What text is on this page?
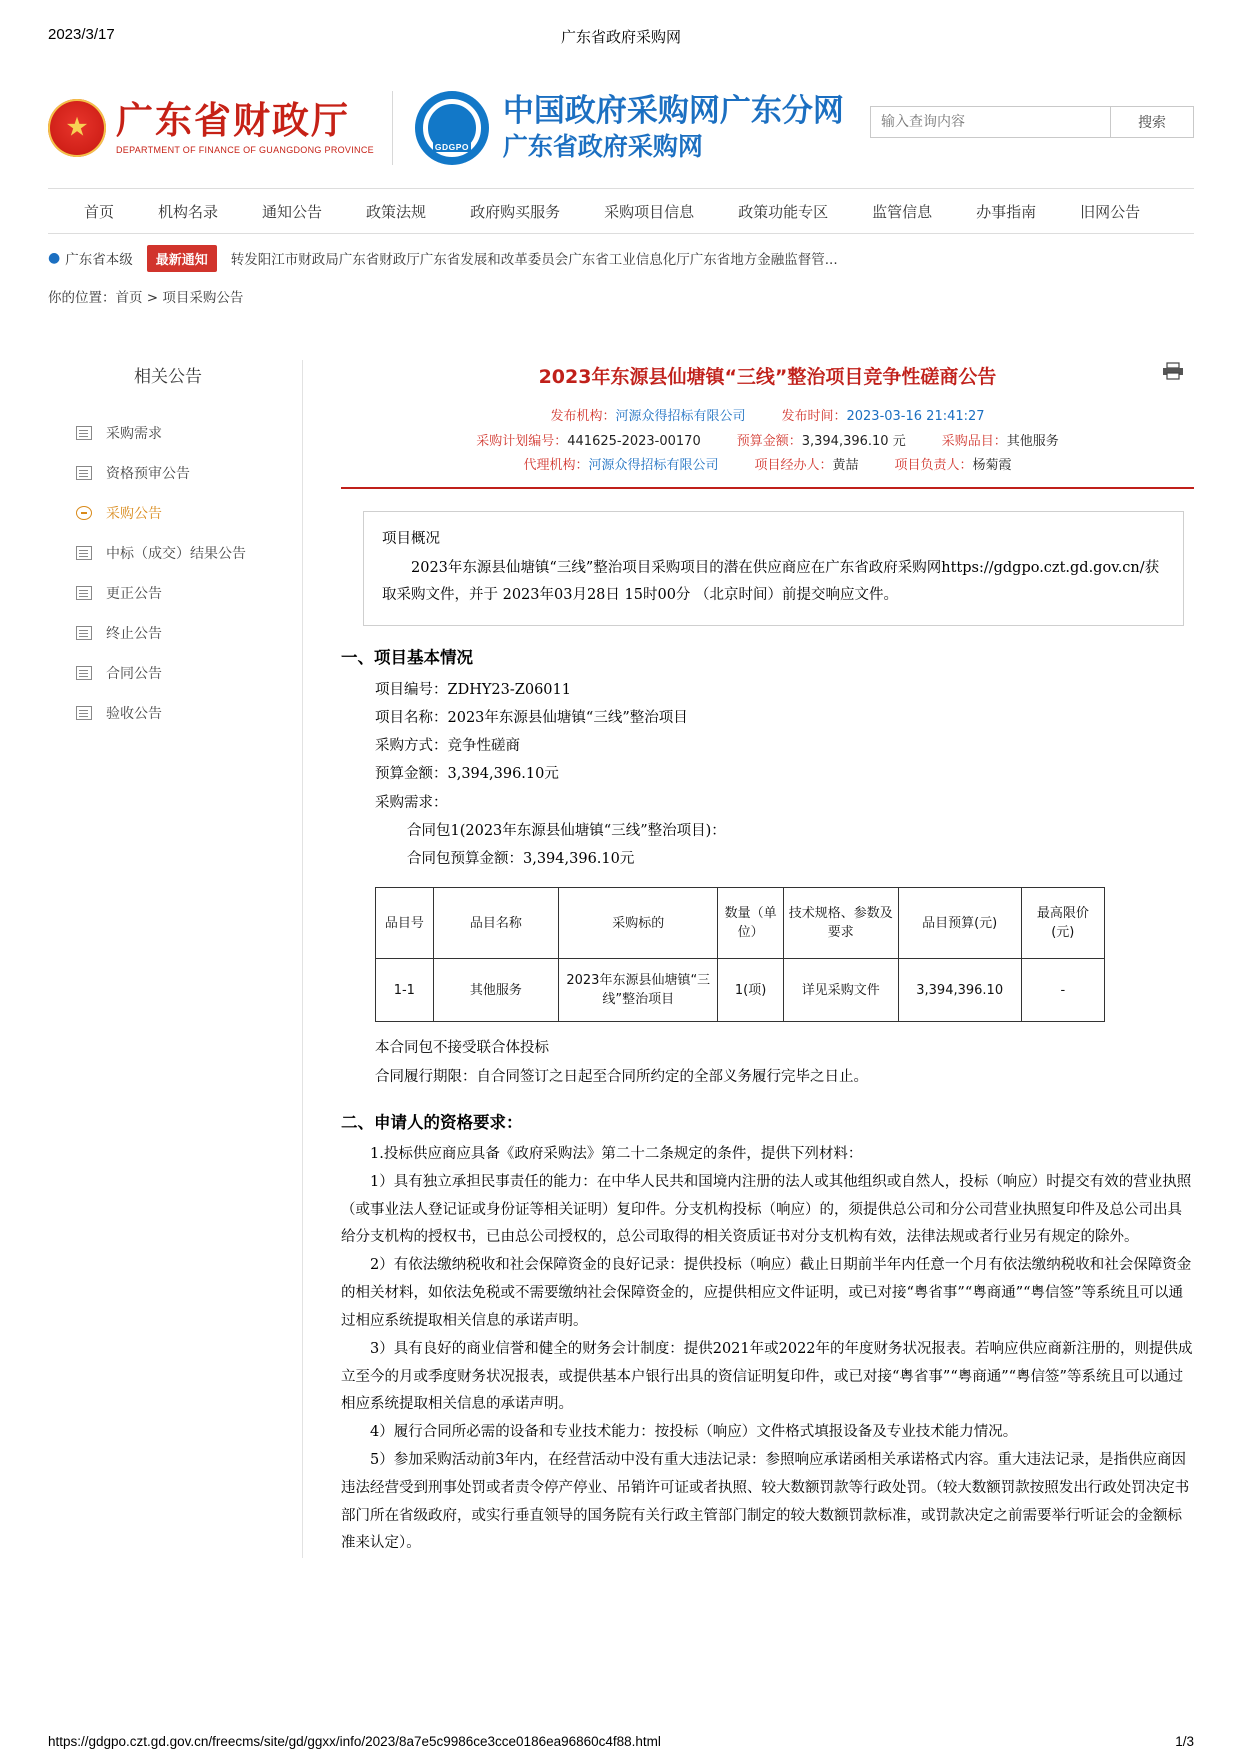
2023/3/17	广东省政府采购网
★
广东省财政厅
DEPARTMENT OF FINANCE OF GUANGDONG PROVINCE	GDGPO
中国政府采购网广东分网
广东省政府采购网
输入查询内容
搜索
首页	机构名录	通知公告	政策法规	政府购买服务	采购项目信息	政策功能专区	监管信息	办事指南	旧网公告
● 广东省本级	最新通知	转发阳江市财政局广东省财政厅广东省发展和改革委员会广东省工业信息化厅广东省地方金融监督管...
你的位置：首页 > 项目采购公告
相关公告
采购需求
资格预审公告
采购公告
中标（成交）结果公告
更正公告
终止公告
合同公告
验收公告
2023年东源县仙塘镇“三线”整治项目竞争性磋商公告
发布机构：河源众得招标有限公司	发布时间：2023-03-16 21:41:27
采购计划编号：441625-2023-00170	预算金额：3,394,396.10 元	采购品目：其他服务
代理机构：河源众得招标有限公司	项目经办人：黄喆	项目负责人：杨菊霞
项目概况
2023年东源县仙塘镇“三线”整治项目采购项目的潜在供应商应在广东省政府采购网https://gdgpo.czt.gd.gov.cn/获取采购文件，并于 2023年03月28日 15时00分 （北京时间）前提交响应文件。
一、项目基本情况
项目编号：ZDHY23-Z06011
项目名称：2023年东源县仙塘镇“三线”整治项目
采购方式：竞争性磋商
预算金额：3,394,396.10元
采购需求：
合同包1(2023年东源县仙塘镇“三线”整治项目)：
合同包预算金额：3,394,396.10元
品目号	品目名称	采购标的	数量（单位）	技术规格、参数及要求	品目预算(元)	最高限价(元)
1-1	其他服务	2023年东源县仙塘镇“三线”整治项目	1(项)	详见采购文件	3,394,396.10	-
本合同包不接受联合体投标
合同履行期限：自合同签订之日起至合同所约定的全部义务履行完毕之日止。
二、申请人的资格要求：

1.投标供应商应具备《政府采购法》第二十二条规定的条件，提供下列材料：

1）具有独立承担民事责任的能力：在中华人民共和国境内注册的法人或其他组织或自然人，投标（响应）时提交有效的营业执照（或事业法人登记证或身份证等相关证明）复印件。分支机构投标（响应）的，须提供总公司和分公司营业执照复印件及总公司出具给分支机构的授权书，已由总公司授权的，总公司取得的相关资质证书对分支机构有效，法律法规或者行业另有规定的除外。

2）有依法缴纳税收和社会保障资金的良好记录：提供投标（响应）截止日期前半年内任意一个月有依法缴纳税收和社会保障资金的相关材料，如依法免税或不需要缴纳社会保障资金的，应提供相应文件证明，或已对接“粤省事”“粤商通”“粤信签”等系统且可以通过相应系统提取相关信息的承诺声明。

3）具有良好的商业信誉和健全的财务会计制度：提供2021年或2022年的年度财务状况报表。若响应供应商新注册的，则提供成立至今的月或季度财务状况报表，或提供基本户银行出具的资信证明复印件，或已对接“粤省事”“粤商通”“粤信签”等系统且可以通过相应系统提取相关信息的承诺声明。

4）履行合同所必需的设备和专业技术能力：按投标（响应）文件格式填报设备及专业技术能力情况。

5）参加采购活动前3年内，在经营活动中没有重大违法记录：参照响应承诺函相关承诺格式内容。重大违法记录，是指供应商因违法经营受到刑事处罚或者责令停产停业、吊销许可证或者执照、较大数额罚款等行政处罚。（较大数额罚款按照发出行政处罚决定书部门所在省级政府，或实行垂直领导的国务院有关行政主管部门制定的较大数额罚款标准，或罚款决定之前需要举行听证会的金额标准来认定）。

https://gdgpo.czt.gd.gov.cn/freecms/site/gd/ggxx/info/2023/8a7e5c9986ce3cce0186ea96860c4f88.html	1/3
